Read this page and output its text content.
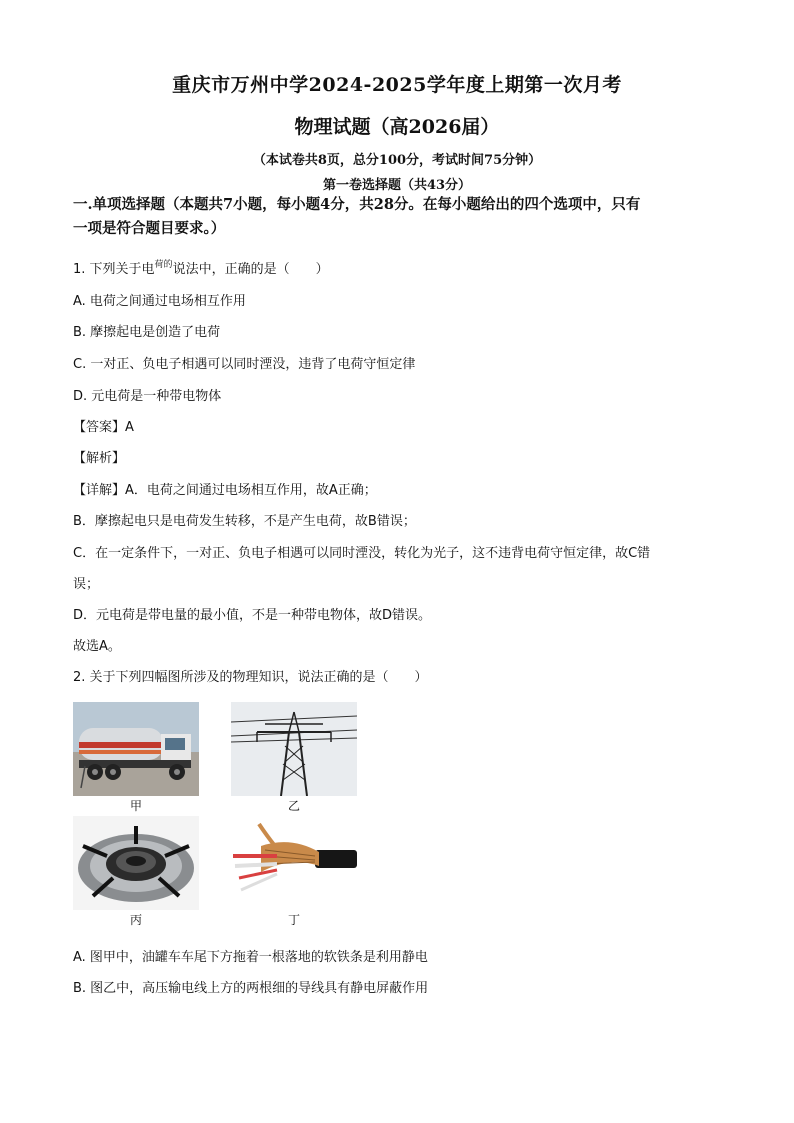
重庆市万州中学2024-2025学年度上期第一次月考
物理试题（高2026届）
（本试卷共8页，总分100分，考试时间75分钟）
第一卷选择题（共43分）
一.单项选择题（本题共7小题，每小题4分，共28分。在每小题给出的四个选项中，只有
一项是符合题目要求。）
1. 下列关于电$^{荷的}$说法中，正确的是（　　）
A. 电荷之间通过电场相互作用
B. 摩擦起电是创造了电荷
C. 一对正、负电子相遇可以同时湮没，违背了电荷守恒定律
D. 元电荷是一种带电物体
【答案】A
【解析】
【详解】A．电荷之间通过电场相互作用，故A正确；
B．摩擦起电只是电荷发生转移，不是产生电荷，故B错误；
C．在一定条件下，一对正、负电子相遇可以同时湮没，转化为光子，这不违背电荷守恒定律，故C错
误；
D．元电荷是带电量的最小值，不是一种带电物体，故D错误。
故选A。
2. 关于下列四幅图所涉及的物理知识，说法正确的是（　　）
甲	乙
丙	丁
A. 图甲中，油罐车车尾下方拖着一根落地的软铁条是利用静电
B. 图乙中，高压输电线上方的两根细的导线具有静电屏蔽作用
